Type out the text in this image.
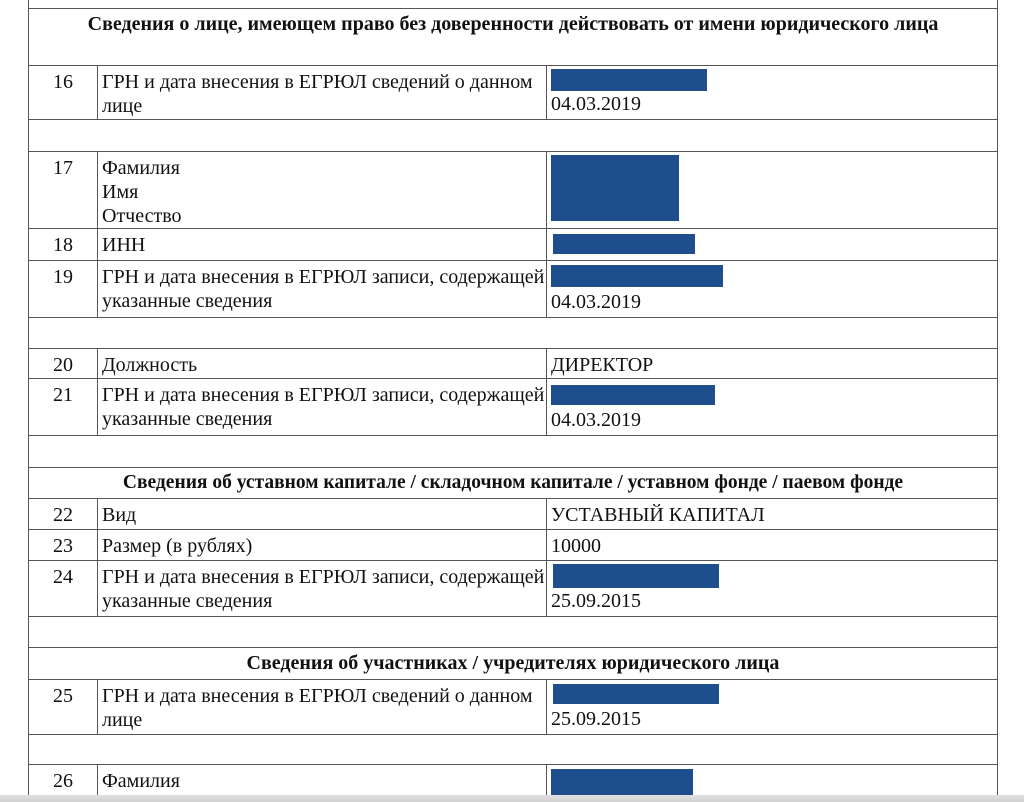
Сведения о лице, имеющем право без доверенности действовать от имени юридического лица
16	ГРН и дата внесения в ЕГРЮЛ сведений о данном лице	04.03.2019
17	Фамилия
Имя
Отчество
18	ИНН
19	ГРН и дата внесения в ЕГРЮЛ записи, содержащей указанные сведения	04.03.2019
20	Должность	ДИРЕКТОР
21	ГРН и дата внесения в ЕГРЮЛ записи, содержащей указанные сведения	04.03.2019
Сведения об уставном капитале / складочном капитале / уставном фонде / паевом фонде
22	Вид	УСТАВНЫЙ КАПИТАЛ
23	Размер (в рублях)	10000
24	ГРН и дата внесения в ЕГРЮЛ записи, содержащей указанные сведения	25.09.2015
Сведения об участниках / учредителях юридического лица
25	ГРН и дата внесения в ЕГРЮЛ сведений о данном лице	25.09.2015
26	Фамилия
